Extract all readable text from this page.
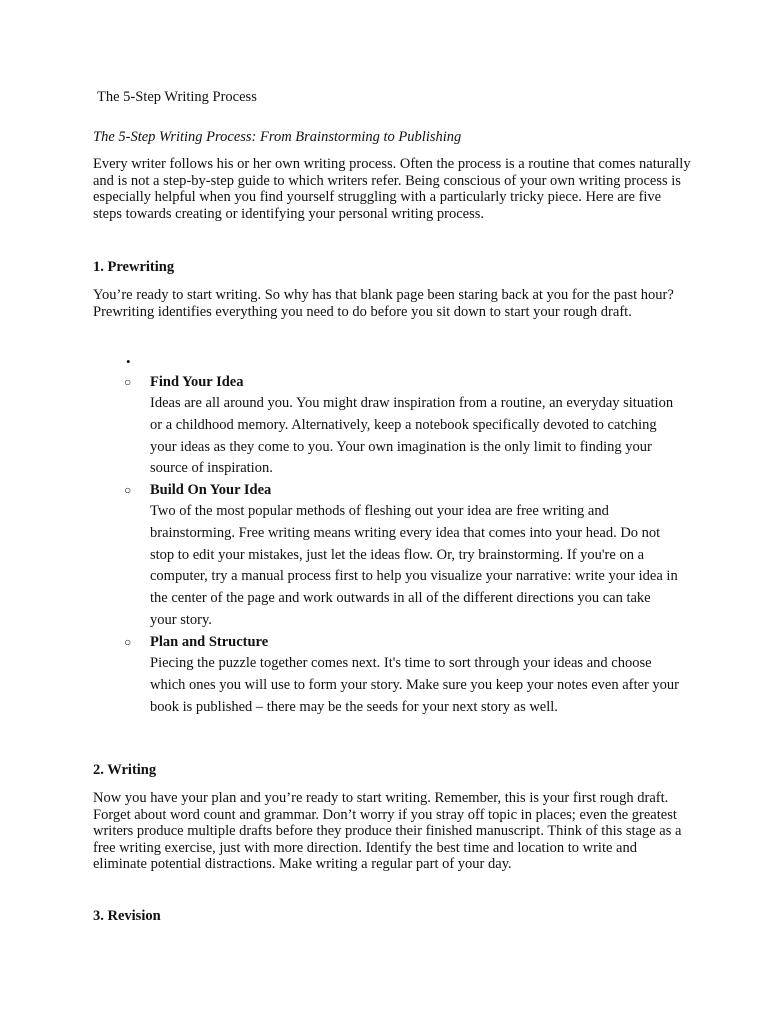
The 5-Step Writing Process

The 5-Step Writing Process: From Brainstorming to Publishing

Every writer follows his or her own writing process. Often the process is a routine that comes naturally and is not a step-by-step guide to which writers refer. Being conscious of your own writing process is especially helpful when you find yourself struggling with a particularly tricky piece. Here are five steps towards creating or identifying your personal writing process.

1. Prewriting

You’re ready to start writing. So why has that blank page been staring back at you for the past hour? Prewriting identifies everything you need to do before you sit down to start your rough draft.

•
○ Find Your Idea

Ideas are all around you. You might draw inspiration from a routine, an everyday situation or a childhood memory. Alternatively, keep a notebook specifically devoted to catching your ideas as they come to you. Your own imagination is the only limit to finding your source of inspiration.

○ Build On Your Idea

Two of the most popular methods of fleshing out your idea are free writing and brainstorming. Free writing means writing every idea that comes into your head. Do not stop to edit your mistakes, just let the ideas flow. Or, try brainstorming. If you're on a computer, try a manual process first to help you visualize your narrative: write your idea in the center of the page and work outwards in all of the different directions you can take your story.

○ Plan and Structure

Piecing the puzzle together comes next. It's time to sort through your ideas and choose which ones you will use to form your story. Make sure you keep your notes even after your book is published – there may be the seeds for your next story as well.

2. Writing

Now you have your plan and you’re ready to start writing. Remember, this is your first rough draft. Forget about word count and grammar. Don’t worry if you stray off topic in places; even the greatest writers produce multiple drafts before they produce their finished manuscript. Think of this stage as a free writing exercise, just with more direction. Identify the best time and location to write and eliminate potential distractions. Make writing a regular part of your day.

3. Revision
